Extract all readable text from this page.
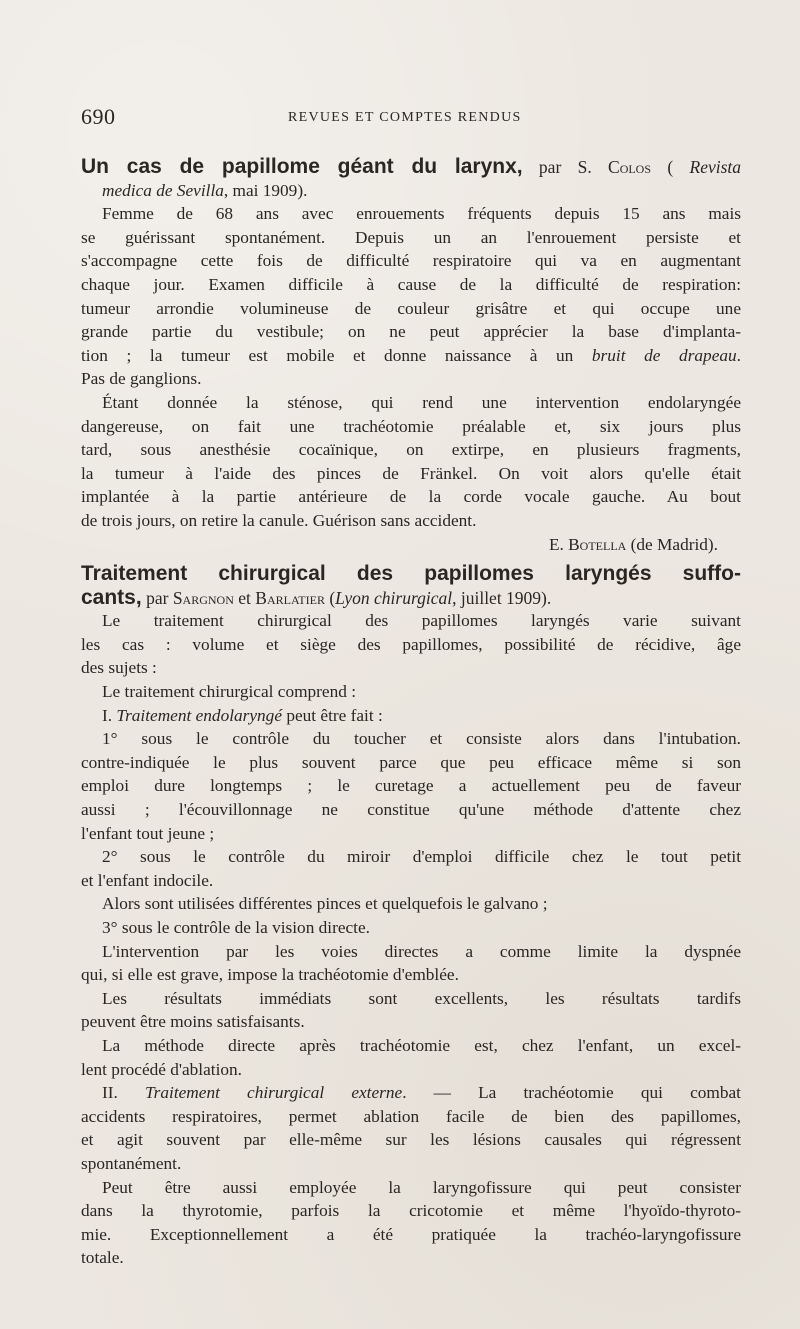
690	REVUES ET COMPTES RENDUS
Un cas de papillome géant du larynx, par S. Colos ( Revista
medica de Sevilla, mai 1909).
Femme de 68 ans avec enrouements fréquents depuis 15 ans mais
se guérissant spontanément. Depuis un an l'enrouement persiste et
s'accompagne cette fois de difficulté respiratoire qui va en augmentant
chaque jour. Examen difficile à cause de la difficulté de respiration:
tumeur arrondie volumineuse de couleur grisâtre et qui occupe une
grande partie du vestibule; on ne peut apprécier la base d'implanta-
tion ; la tumeur est mobile et donne naissance à un bruit de drapeau.
Pas de ganglions.
Étant donnée la sténose, qui rend une intervention endolaryngée
dangereuse, on fait une trachéotomie préalable et, six jours plus
tard, sous anesthésie cocaïnique, on extirpe, en plusieurs fragments,
la tumeur à l'aide des pinces de Fränkel. On voit alors qu'elle était
implantée à la partie antérieure de la corde vocale gauche. Au bout
de trois jours, on retire la canule. Guérison sans accident.
E. Botella (de Madrid).
Traitement chirurgical des papillomes laryngés suffo-
cants, par Sargnon et Barlatier (Lyon chirurgical, juillet 1909).
Le traitement chirurgical des papillomes laryngés varie suivant
les cas : volume et siège des papillomes, possibilité de récidive, âge
des sujets :
Le traitement chirurgical comprend :
I. Traitement endolaryngé peut être fait :
1° sous le contrôle du toucher et consiste alors dans l'intubation.
contre-indiquée le plus souvent parce que peu efficace même si son
emploi dure longtemps ; le curetage a actuellement peu de faveur
aussi ; l'écouvillonnage ne constitue qu'une méthode d'attente chez
l'enfant tout jeune ;
2° sous le contrôle du miroir d'emploi difficile chez le tout petit
et l'enfant indocile.
Alors sont utilisées différentes pinces et quelquefois le galvano ;
3° sous le contrôle de la vision directe.
L'intervention par les voies directes a comme limite la dyspnée
qui, si elle est grave, impose la trachéotomie d'emblée.
Les résultats immédiats sont excellents, les résultats tardifs
peuvent être moins satisfaisants.
La méthode directe après trachéotomie est, chez l'enfant, un excel-
lent procédé d'ablation.
II. Traitement chirurgical externe. — La trachéotomie qui combat
accidents respiratoires, permet ablation facile de bien des papillomes,
et agit souvent par elle-même sur les lésions causales qui régressent
spontanément.
Peut être aussi employée la laryngofissure qui peut consister
dans la thyrotomie, parfois la cricotomie et même l'hyoïdo-thyroto-
mie. Exceptionnellement a été pratiquée la trachéo-laryngofissure
totale.
